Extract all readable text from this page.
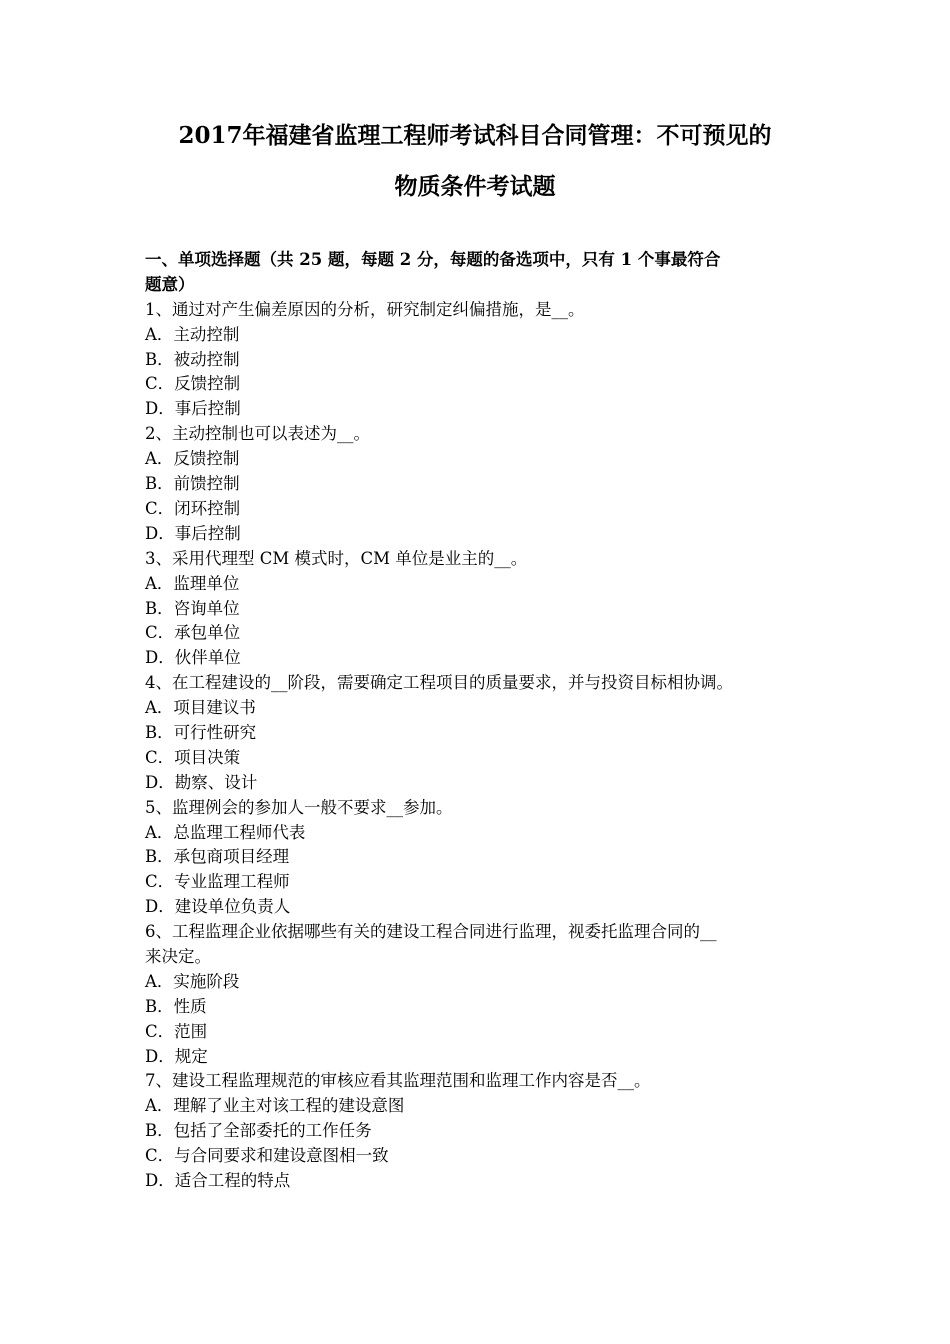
2017年福建省监理工程师考试科目合同管理：不可预见的
物质条件考试题
一、单项选择题（共 25 题，每题 2 分，每题的备选项中，只有 1 个事最符合
题意）
1、通过对产生偏差原因的分析，研究制定纠偏措施，是__。
A．主动控制
B．被动控制
C．反馈控制
D．事后控制
2、主动控制也可以表述为__。
A．反馈控制
B．前馈控制
C．闭环控制
D．事后控制
3、采用代理型 CM 模式时，CM 单位是业主的__。
A．监理单位
B．咨询单位
C．承包单位
D．伙伴单位
4、在工程建设的__阶段，需要确定工程项目的质量要求，并与投资目标相协调。
A．项目建议书
B．可行性研究
C．项目决策
D．勘察、设计
5、监理例会的参加人一般不要求__参加。
A．总监理工程师代表
B．承包商项目经理
C．专业监理工程师
D．建设单位负责人
6、工程监理企业依据哪些有关的建设工程合同进行监理，视委托监理合同的__
来决定。
A．实施阶段
B．性质
C．范围
D．规定
7、建设工程监理规范的审核应看其监理范围和监理工作内容是否__。
A．理解了业主对该工程的建设意图
B．包括了全部委托的工作任务
C．与合同要求和建设意图相一致
D．适合工程的特点
